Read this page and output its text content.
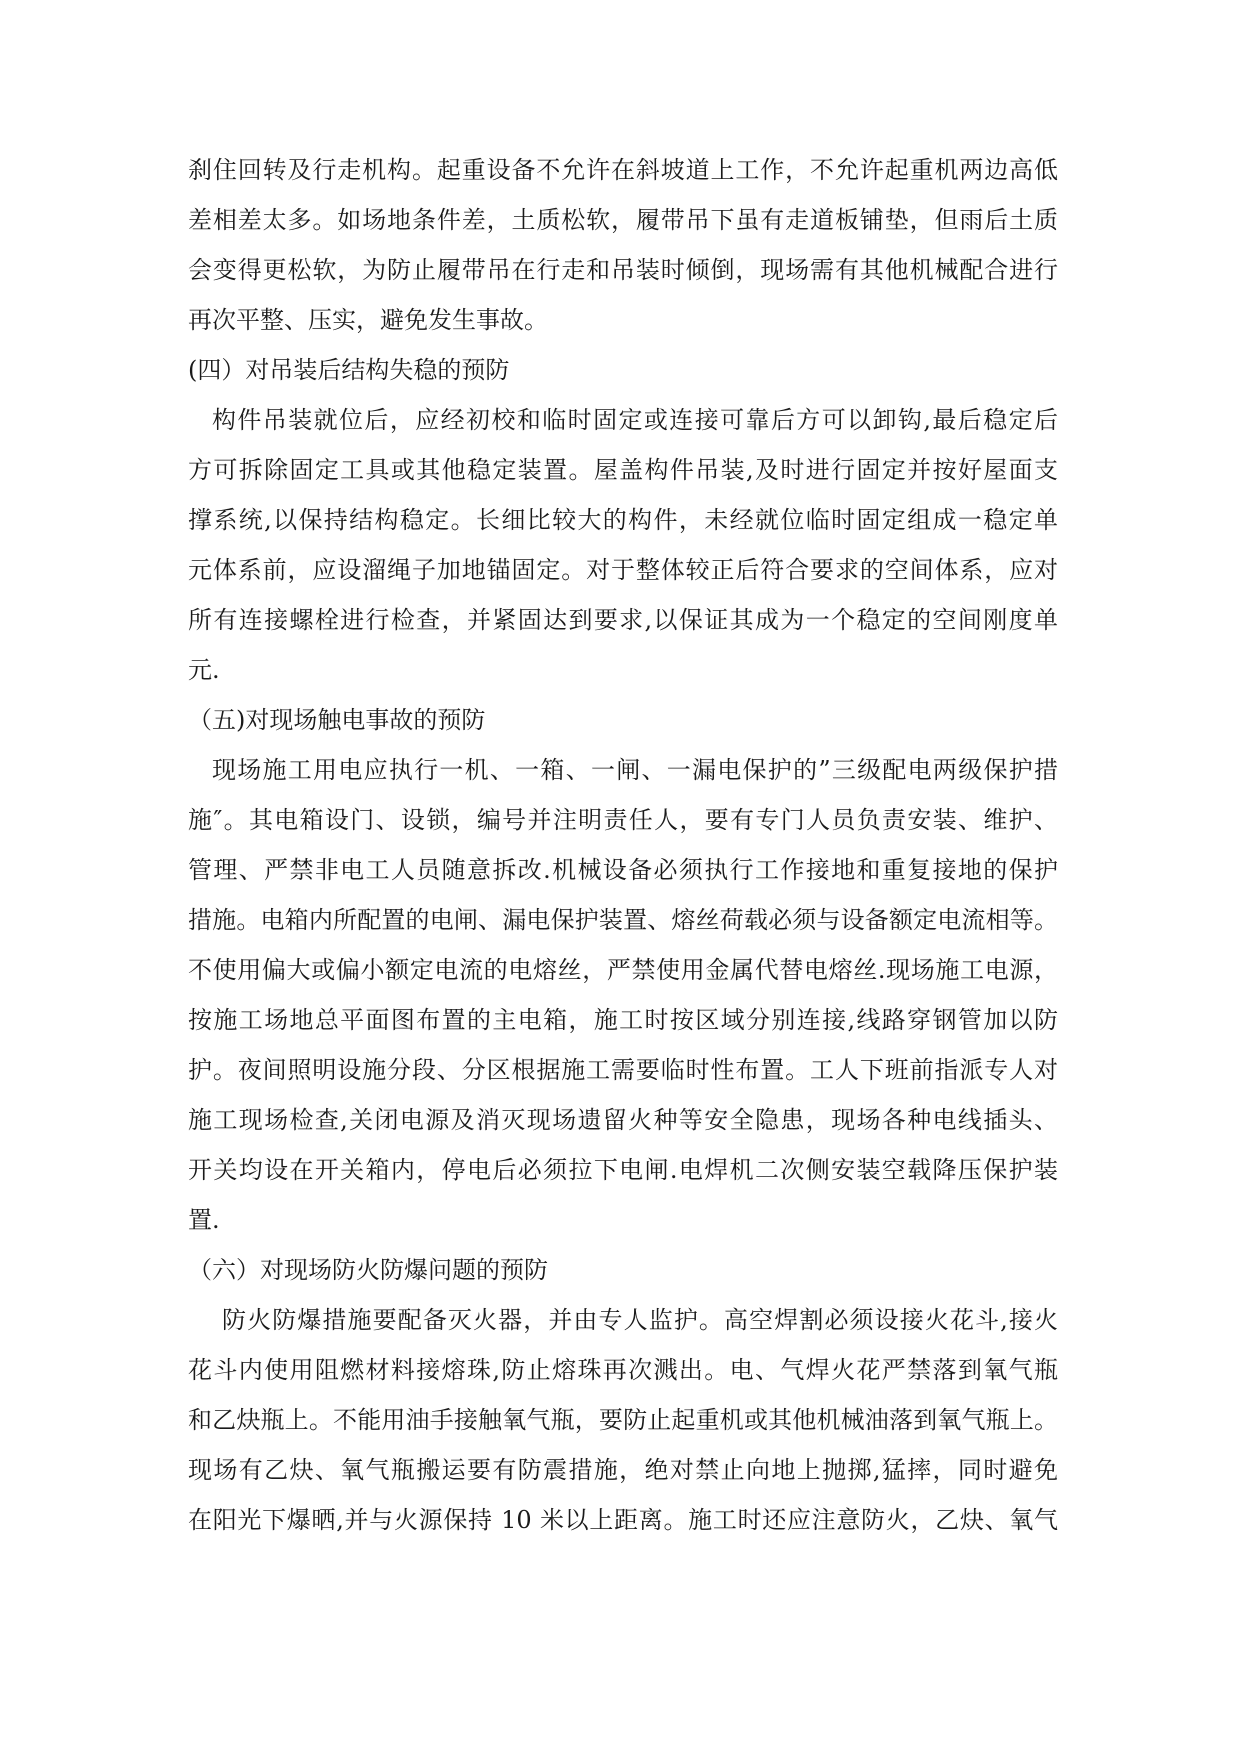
刹住回转及行走机构。起重设备不允许在斜坡道上工作，不允许起重机两边高低
差相差太多。如场地条件差，土质松软，履带吊下虽有走道板铺垫，但雨后土质
会变得更松软，为防止履带吊在行走和吊装时倾倒，现场需有其他机械配合进行
再次平整、压实，避免发生事故。
(四）对吊装后结构失稳的预防
构件吊装就位后，应经初校和临时固定或连接可靠后方可以卸钩,最后稳定后
方可拆除固定工具或其他稳定装置。屋盖构件吊装,及时进行固定并按好屋面支
撑系统,以保持结构稳定。长细比较大的构件，未经就位临时固定组成一稳定单
元体系前，应设溜绳子加地锚固定。对于整体较正后符合要求的空间体系，应对
所有连接螺栓进行检查，并紧固达到要求,以保证其成为一个稳定的空间刚度单
元.
（五)对现场触电事故的预防
现场施工用电应执行一机、一箱、一闸、一漏电保护的”三级配电两级保护措
施″。其电箱设门、设锁，编号并注明责任人，要有专门人员负责安装、维护、
管理、严禁非电工人员随意拆改.机械设备必须执行工作接地和重复接地的保护
措施。电箱内所配置的电闸、漏电保护装置、熔丝荷载必须与设备额定电流相等。
不使用偏大或偏小额定电流的电熔丝，严禁使用金属代替电熔丝.现场施工电源，
按施工场地总平面图布置的主电箱，施工时按区域分别连接,线路穿钢管加以防
护。夜间照明设施分段、分区根据施工需要临时性布置。工人下班前指派专人对
施工现场检查,关闭电源及消灭现场遗留火种等安全隐患，现场各种电线插头、
开关均设在开关箱内，停电后必须拉下电闸.电焊机二次侧安装空载降压保护装
置.
（六）对现场防火防爆问题的预防
防火防爆措施要配备灭火器，并由专人监护。高空焊割必须设接火花斗,接火
花斗内使用阻燃材料接熔珠,防止熔珠再次溅出。电、气焊火花严禁落到氧气瓶
和乙炔瓶上。不能用油手接触氧气瓶，要防止起重机或其他机械油落到氧气瓶上。
现场有乙炔、氧气瓶搬运要有防震措施，绝对禁止向地上抛掷,猛摔，同时避免
在阳光下爆晒,并与火源保持 10 米以上距离。施工时还应注意防火，乙炔、氧气
